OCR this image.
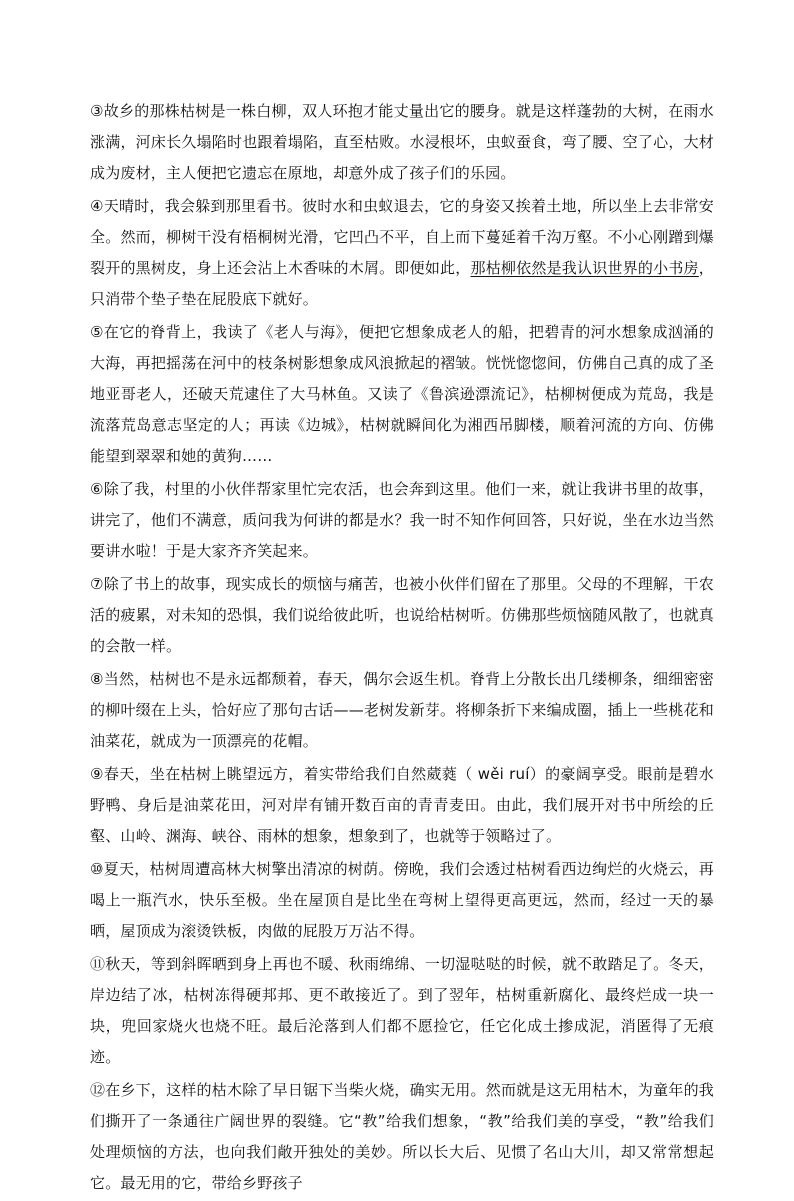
③故乡的那株枯树是一株白柳，双人环抱才能丈量出它的腰身。就是这样蓬勃的大树，在雨水涨满，河床长久塌陷时也跟着塌陷，直至枯败。水浸根坏，虫蚁蚕食，弯了腰、空了心，大材成为废材，主人便把它遗忘在原地，却意外成了孩子们的乐园。

④天晴时，我会躲到那里看书。彼时水和虫蚁退去，它的身姿又挨着土地，所以坐上去非常安全。然而，柳树干没有梧桐树光滑，它凹凸不平，自上而下蔓延着千沟万壑。不小心刚蹭到爆裂开的黑树皮，身上还会沾上木香味的木屑。即便如此，那枯柳依然是我认识世界的小书房，只消带个垫子垫在屁股底下就好。

⑤在它的脊背上，我读了《老人与海》，便把它想象成老人的船，把碧青的河水想象成汹涌的大海，再把摇荡在河中的枝条树影想象成风浪掀起的褶皱。恍恍惚惚间，仿佛自己真的成了圣地亚哥老人，还破天荒逮住了大马林鱼。又读了《鲁滨逊漂流记》，枯柳树便成为荒岛，我是流落荒岛意志坚定的人；再读《边城》，枯树就瞬间化为湘西吊脚楼，顺着河流的方向、仿佛能望到翠翠和她的黄狗……

⑥除了我，村里的小伙伴帮家里忙完农活，也会奔到这里。他们一来，就让我讲书里的故事，讲完了，他们不满意，质问我为何讲的都是水？我一时不知作何回答，只好说，坐在水边当然要讲水啦！于是大家齐齐笑起来。

⑦除了书上的故事，现实成长的烦恼与痛苦，也被小伙伴们留在了那里。父母的不理解，干农活的疲累，对未知的恐惧，我们说给彼此听，也说给枯树听。仿佛那些烦恼随风散了，也就真的会散一样。

⑧当然，枯树也不是永远都颓着，春天，偶尔会返生机。脊背上分散长出几缕柳条，细细密密的柳叶缀在上头，恰好应了那句古话——老树发新芽。将柳条折下来编成圈，插上一些桃花和油菜花，就成为一顶漂亮的花帽。

⑨春天，坐在枯树上眺望远方，着实带给我们自然葳蕤（ wěi ruí）的豪阔享受。眼前是碧水野鸭、身后是油菜花田，河对岸有铺开数百亩的青青麦田。由此，我们展开对书中所绘的丘壑、山岭、渊海、峡谷、雨林的想象，想象到了，也就等于领略过了。

⑩夏天，枯树周遭高林大树擎出清凉的树荫。傍晚，我们会透过枯树看西边绚烂的火烧云，再喝上一瓶汽水，快乐至极。坐在屋顶自是比坐在弯树上望得更高更远，然而，经过一天的暴晒，屋顶成为滚烫铁板，肉做的屁股万万沾不得。

⑪秋天，等到斜晖晒到身上再也不暖、秋雨绵绵、一切湿哒哒的时候，就不敢踏足了。冬天，岸边结了冰，枯树冻得硬邦邦、更不敢接近了。到了翌年，枯树重新腐化、最终烂成一块一块，兜回家烧火也烧不旺。最后沦落到人们都不愿捡它，任它化成土掺成泥，消匿得了无痕迹。

⑫在乡下，这样的枯木除了早日锯下当柴火烧，确实无用。然而就是这无用枯木，为童年的我们撕开了一条通往广阔世界的裂缝。它“教”给我们想象，“教”给我们美的享受，“教”给我们处理烦恼的方法，也向我们敞开独处的美妙。所以长大后、见惯了名山大川，却又常常想起它。最无用的它，带给乡野孩子
